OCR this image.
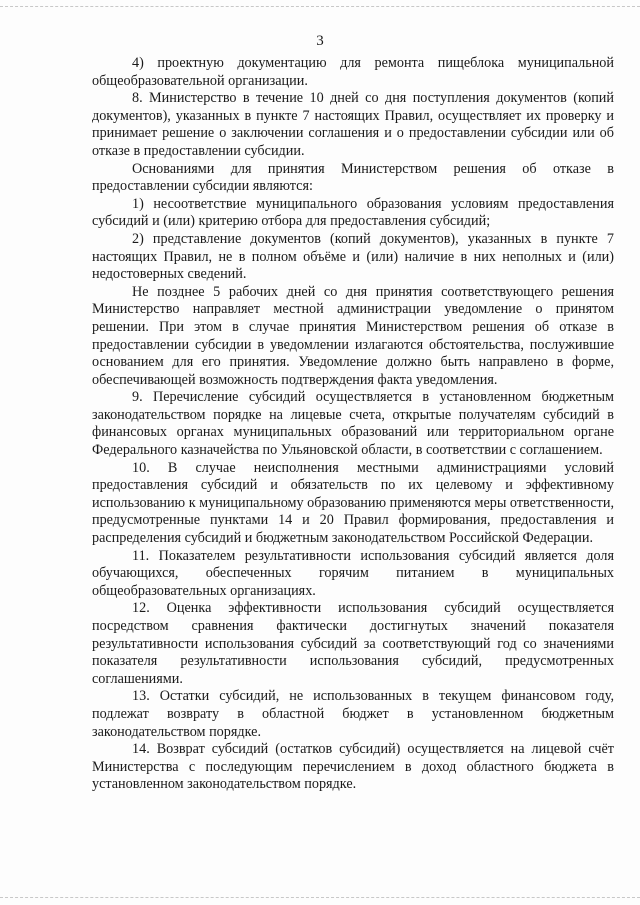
3

4) проектную документацию для ремонта пищеблока муниципальной общеобразовательной организации.

8. Министерство в течение 10 дней со дня поступления документов (копий документов), указанных в пункте 7 настоящих Правил, осуществляет их проверку и принимает решение о заключении соглашения и о предоставлении субсидии или об отказе в предоставлении субсидии.

Основаниями для принятия Министерством решения об отказе в предоставлении субсидии являются:

1) несоответствие муниципального образования условиям предоставления субсидий и (или) критерию отбора для предоставления субсидий;

2) представление документов (копий документов), указанных в пункте 7 настоящих Правил, не в полном объёме и (или) наличие в них неполных и (или) недостоверных сведений.

Не позднее 5 рабочих дней со дня принятия соответствующего решения Министерство направляет местной администрации уведомление о принятом решении. При этом в случае принятия Министерством решения об отказе в предоставлении субсидии в уведомлении излагаются обстоятельства, послужившие основанием для его принятия. Уведомление должно быть направлено в форме, обеспечивающей возможность подтверждения факта уведомления.

9. Перечисление субсидий осуществляется в установленном бюджетным законодательством порядке на лицевые счета, открытые получателям субсидий в финансовых органах муниципальных образований или территориальном органе Федерального казначейства по Ульяновской области, в соответствии с соглашением.

10. В случае неисполнения местными администрациями условий предоставления субсидий и обязательств по их целевому и эффективному использованию к муниципальному образованию применяются меры ответственности, предусмотренные пунктами 14 и 20 Правил формирования, предоставления и распределения субсидий и бюджетным законодательством Российской Федерации.

11. Показателем результативности использования субсидий является доля обучающихся, обеспеченных горячим питанием в муниципальных общеобразовательных организациях.

12. Оценка эффективности использования субсидий осуществляется посредством сравнения фактически достигнутых значений показателя результативности использования субсидий за соответствующий год со значениями показателя результативности использования субсидий, предусмотренных соглашениями.

13. Остатки субсидий, не использованных в текущем финансовом году, подлежат возврату в областной бюджет в установленном бюджетным законодательством порядке.

14. Возврат субсидий (остатков субсидий) осуществляется на лицевой счёт Министерства с последующим перечислением в доход областного бюджета в установленном законодательством порядке.
